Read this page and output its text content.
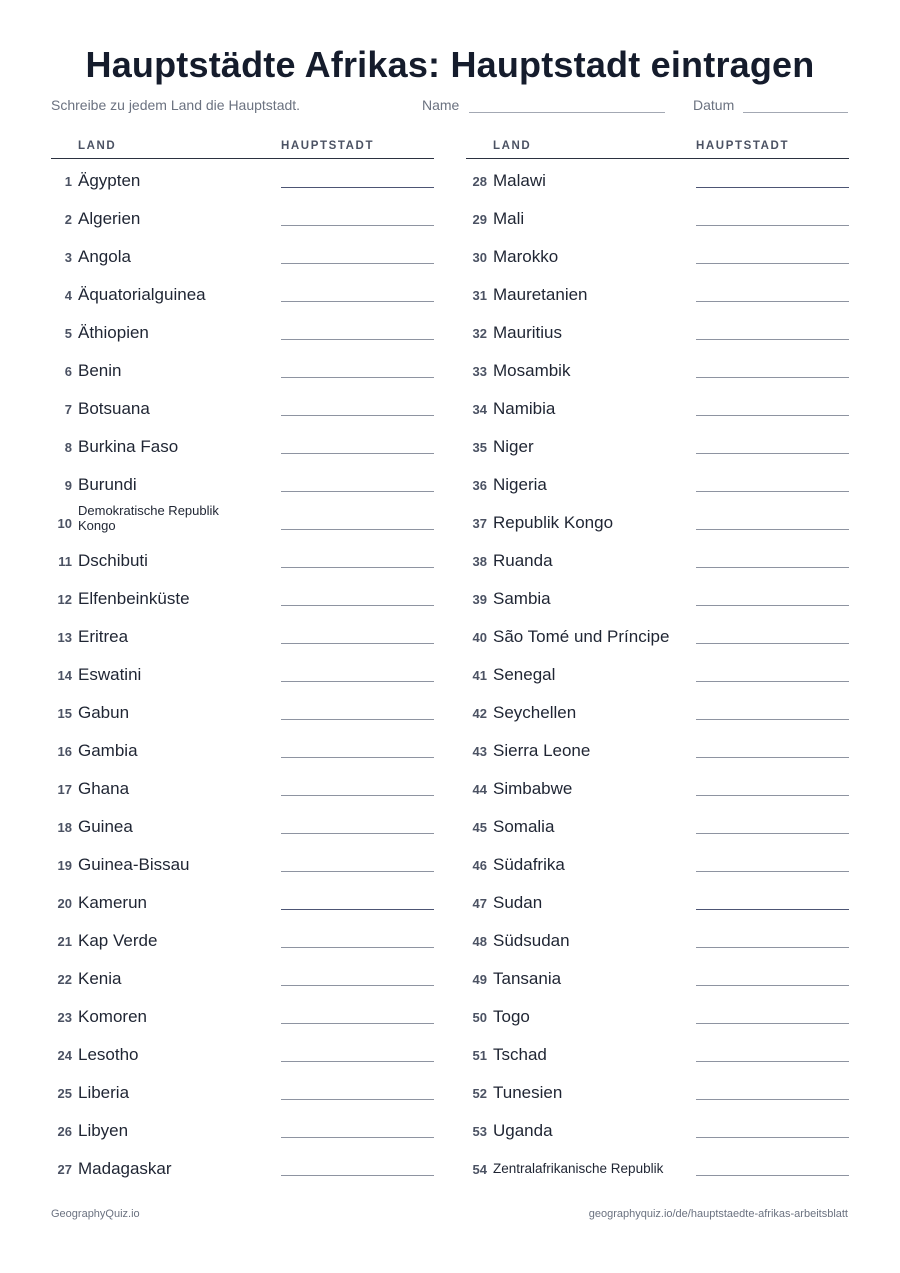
Hauptstädte Afrikas: Hauptstadt eintragen
Schreibe zu jedem Land die Hauptstadt.	Name	Datum
LAND	HAUPTSTADT
1 Ägypten
2 Algerien
3 Angola
4 Äquatorialguinea
5 Äthiopien
6 Benin
7 Botsuana
8 Burkina Faso
9 Burundi
10
Demokratische Republik Kongo
11 Dschibuti
12 Elfenbeinküste
13 Eritrea
14 Eswatini
15 Gabun
16 Gambia
17 Ghana
18 Guinea
19 Guinea-Bissau
20 Kamerun
21 Kap Verde
22 Kenia
23 Komoren
24 Lesotho
25 Liberia
26 Libyen
27 Madagaskar
LAND	HAUPTSTADT
28 Malawi
29 Mali
30 Marokko
31 Mauretanien
32 Mauritius
33 Mosambik
34 Namibia
35 Niger
36 Nigeria
37 Republik Kongo
38 Ruanda
39 Sambia
40 São Tomé und Príncipe
41 Senegal
42 Seychellen
43 Sierra Leone
44 Simbabwe
45 Somalia
46 Südafrika
47 Sudan
48 Südsudan
49 Tansania
50 Togo
51 Tschad
52 Tunesien
53 Uganda
54 Zentralafrikanische Republik
GeographyQuiz.io	geographyquiz.io/de/hauptstaedte-afrikas-arbeitsblatt
